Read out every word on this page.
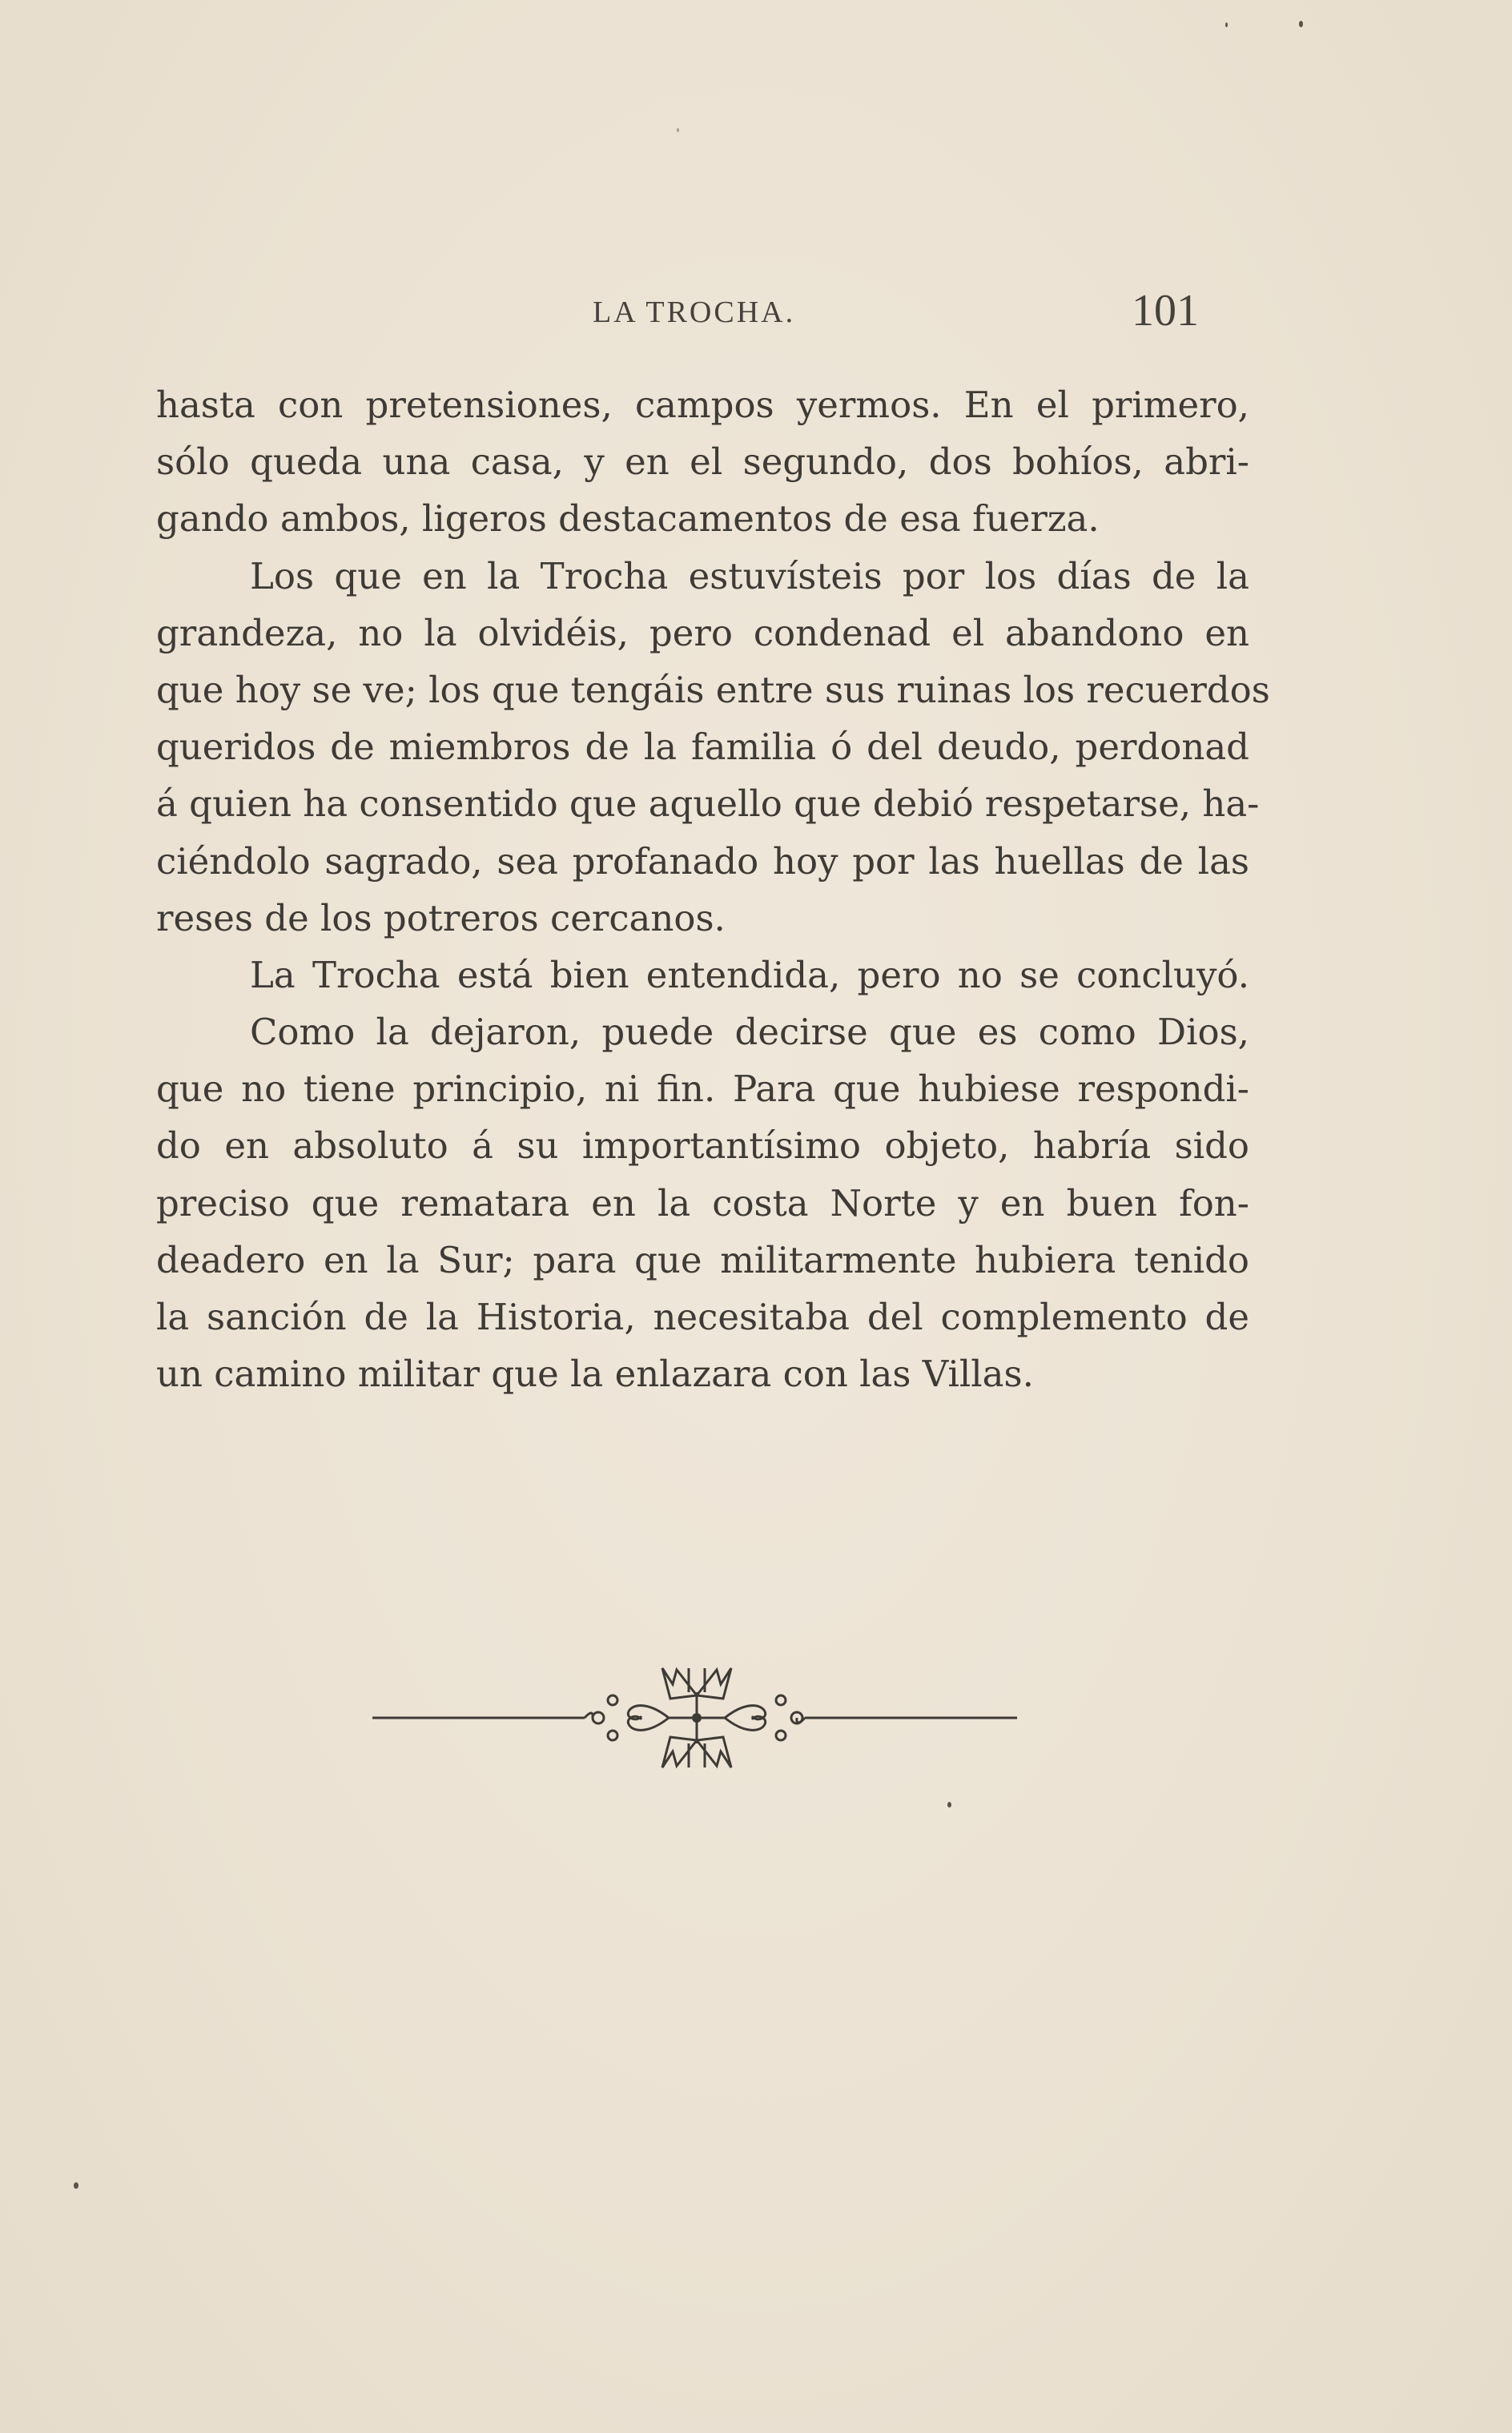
LA TROCHA.	101
hasta con pretensiones, campos yermos. En el primero,
sólo queda una casa, y en el segundo, dos bohíos, abri-
gando ambos, ligeros destacamentos de esa fuerza.
Los que en la Trocha estuvísteis por los días de la
grandeza, no la olvidéis, pero condenad el abandono en
que hoy se ve; los que tengáis entre sus ruinas los recuerdos
queridos de miembros de la familia ó del deudo, perdonad
á quien ha consentido que aquello que debió respetarse, ha-
ciéndolo sagrado, sea profanado hoy por las huellas de las
reses de los potreros cercanos.
La Trocha está bien entendida, pero no se concluyó.
Como la dejaron, puede decirse que es como Dios,
que no tiene principio, ni fin. Para que hubiese respondi-
do en absoluto á su importantísimo objeto, habría sido
preciso que rematara en la costa Norte y en buen fon-
deadero en la Sur; para que militarmente hubiera tenido
la sanción de la Historia, necesitaba del complemento de
un camino militar que la enlazara con las Villas.
